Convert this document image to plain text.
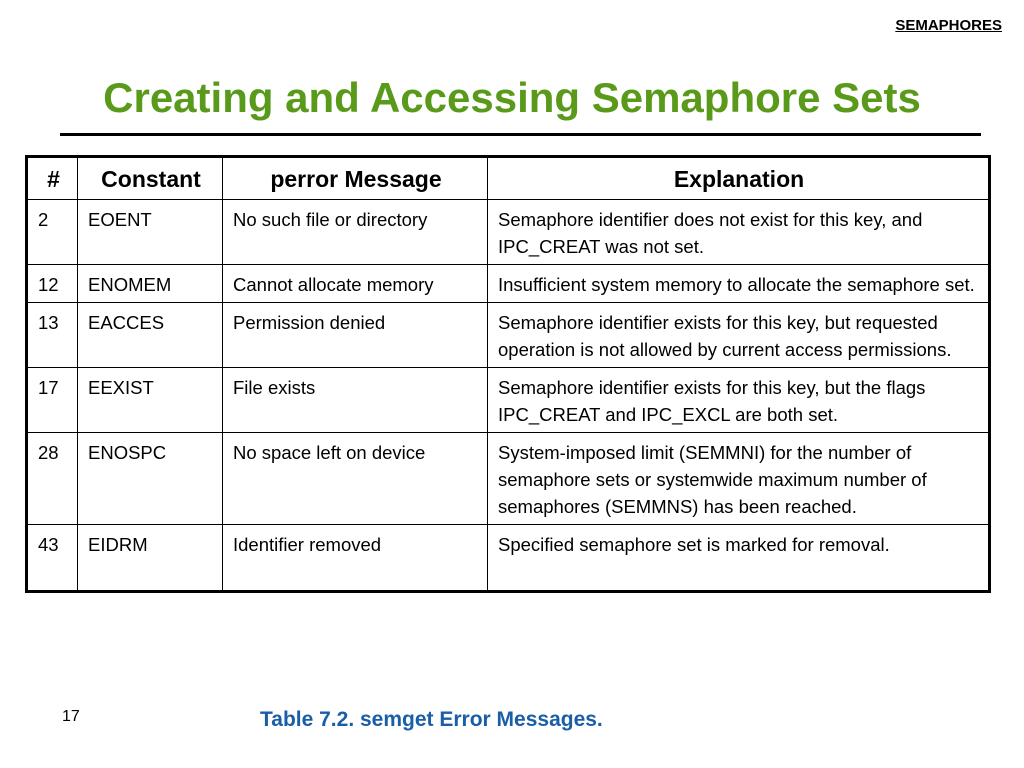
SEMAPHORES
Creating and Accessing Semaphore Sets
#	Constant	perror Message	Explanation
2	EOENT	No such file or directory	Semaphore identifier does not exist for this key, and IPC_CREAT was not set.
12	ENOMEM	Cannot allocate memory	Insufficient system memory to allocate the semaphore set.
13	EACCES	Permission denied	Semaphore identifier exists for this key, but requested operation is not allowed by current access permissions.
17	EEXIST	File exists	Semaphore identifier exists for this key, but the flags IPC_CREAT and IPC_EXCL are both set.
28	ENOSPC	No space left on device	System-imposed limit (SEMMNI) for the number of semaphore sets or systemwide maximum number of semaphores (SEMMNS) has been reached.
43	EIDRM	Identifier removed	Specified semaphore set is marked for removal.
17	Table 7.2. semget Error Messages.
